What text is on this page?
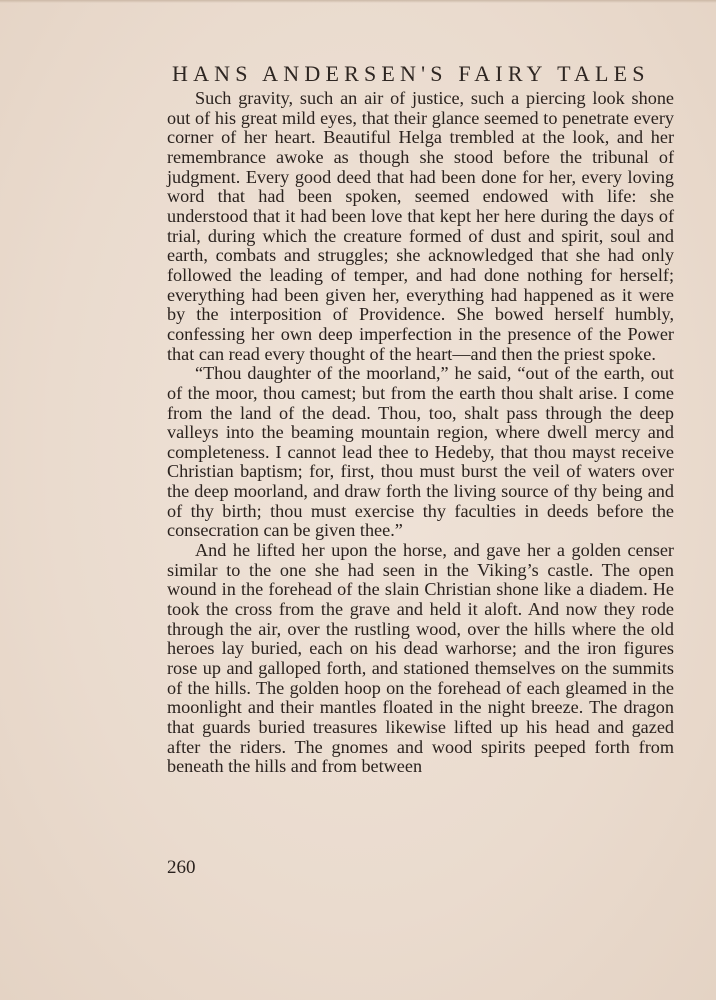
HANS ANDERSEN'S FAIRY TALES

Such gravity, such an air of justice, such a piercing look shone out of his great mild eyes, that their glance seemed to penetrate every corner of her heart. Beautiful Helga trembled at the look, and her remembrance awoke as though she stood before the tribunal of judgment. Every good deed that had been done for her, every loving word that had been spoken, seemed endowed with life: she understood that it had been love that kept her here during the days of trial, during which the creature formed of dust and spirit, soul and earth, combats and struggles; she acknowledged that she had only followed the leading of temper, and had done nothing for herself; everything had been given her, everything had happened as it were by the interposition of Providence. She bowed herself humbly, confessing her own deep imperfection in the presence of the Power that can read every thought of the heart—and then the priest spoke.

“Thou daughter of the moorland,” he said, “out of the earth, out of the moor, thou camest; but from the earth thou shalt arise. I come from the land of the dead. Thou, too, shalt pass through the deep valleys into the beaming mountain region, where dwell mercy and completeness. I cannot lead thee to Hedeby, that thou mayst receive Christian baptism; for, first, thou must burst the veil of waters over the deep moorland, and draw forth the living source of thy being and of thy birth; thou must exercise thy faculties in deeds before the consecration can be given thee.”

And he lifted her upon the horse, and gave her a golden censer similar to the one she had seen in the Viking’s castle. The open wound in the forehead of the slain Christian shone like a diadem. He took the cross from the grave and held it aloft. And now they rode through the air, over the rustling wood, over the hills where the old heroes lay buried, each on his dead warhorse; and the iron figures rose up and galloped forth, and stationed themselves on the summits of the hills. The golden hoop on the forehead of each gleamed in the moonlight and their mantles floated in the night breeze. The dragon that guards buried treasures likewise lifted up his head and gazed after the riders. The gnomes and wood spirits peeped forth from beneath the hills and from between

260
